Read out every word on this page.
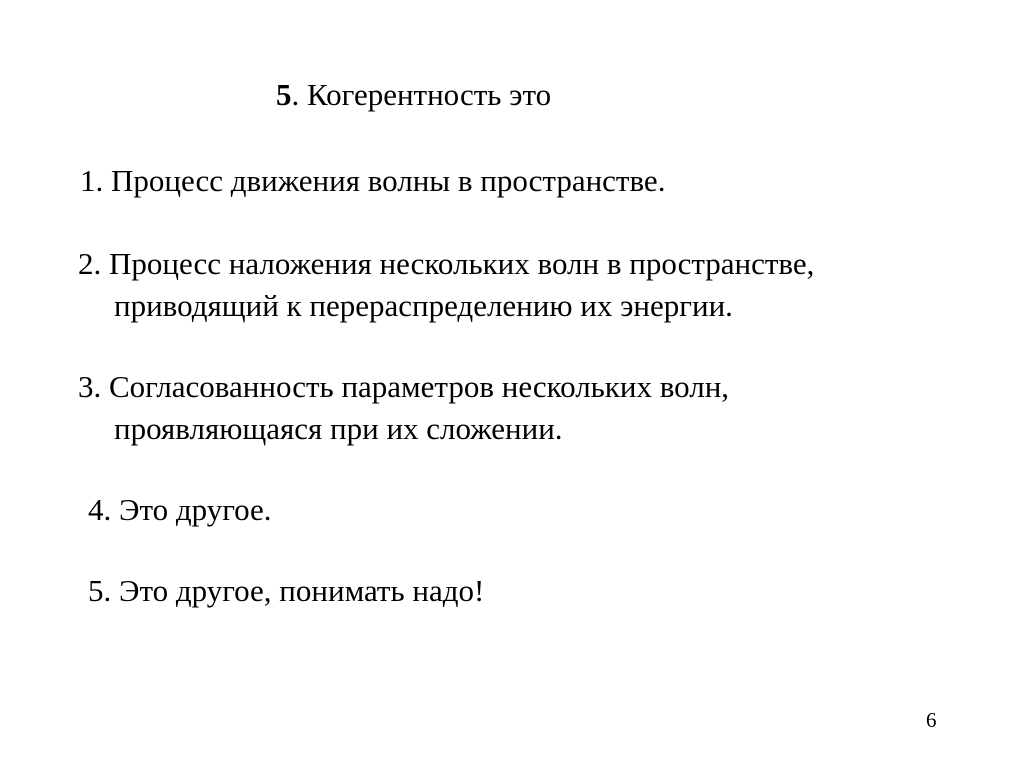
5. Когерентность это
1. Процесс движения волны в пространстве.
2. Процесс наложения нескольких волн в пространстве,
приводящий к перераспределению их энергии.
3. Согласованность параметров нескольких волн,
проявляющаяся при их сложении.
4. Это другое.
5. Это другое, понимать надо!
6
